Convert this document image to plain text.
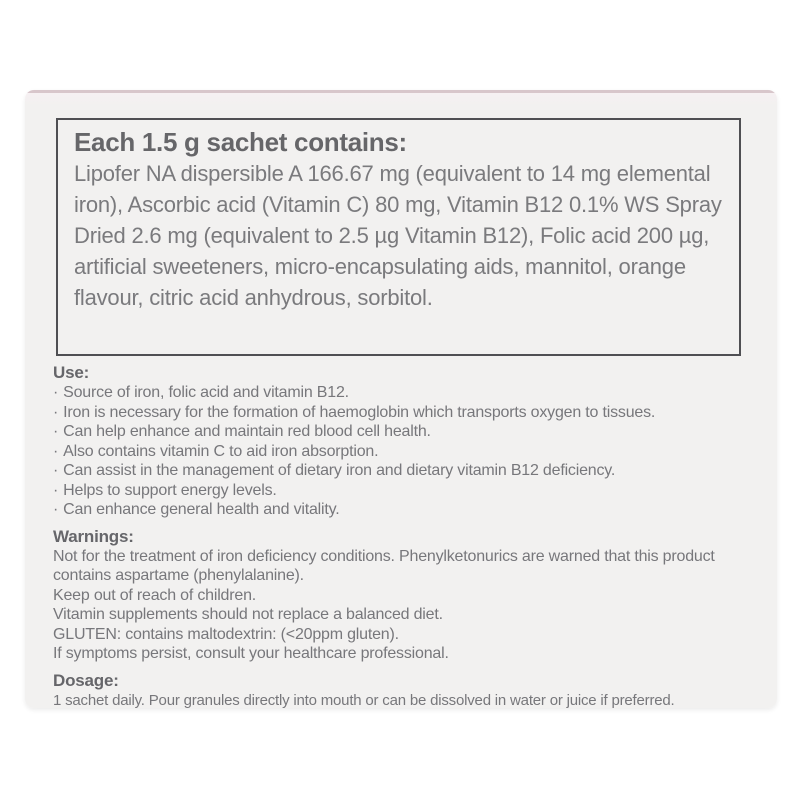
Each 1.5 g sachet contains:
Lipofer NA dispersible A 166.67 mg (equivalent to 14 mg elemental iron), Ascorbic acid (Vitamin C) 80 mg, Vitamin B12 0.1% WS Spray Dried 2.6 mg (equivalent to 2.5 µg Vitamin B12), Folic acid 200 µg, artificial sweeteners, micro-encapsulating aids, mannitol, orange flavour, citric acid anhydrous, sorbitol.
Use:
· Source of iron, folic acid and vitamin B12.
· Iron is necessary for the formation of haemoglobin which transports oxygen to tissues.
· Can help enhance and maintain red blood cell health.
· Also contains vitamin C to aid iron absorption.
· Can assist in the management of dietary iron and dietary vitamin B12 deficiency.
· Helps to support energy levels.
· Can enhance general health and vitality.
Warnings:
Not for the treatment of iron deficiency conditions. Phenylketonurics are warned that this product contains aspartame (phenylalanine).
Keep out of reach of children.
Vitamin supplements should not replace a balanced diet.
GLUTEN: contains maltodextrin: (<20ppm gluten).
If symptoms persist, consult your healthcare professional.
Dosage:
1 sachet daily. Pour granules directly into mouth or can be dissolved in water or juice if preferred.
